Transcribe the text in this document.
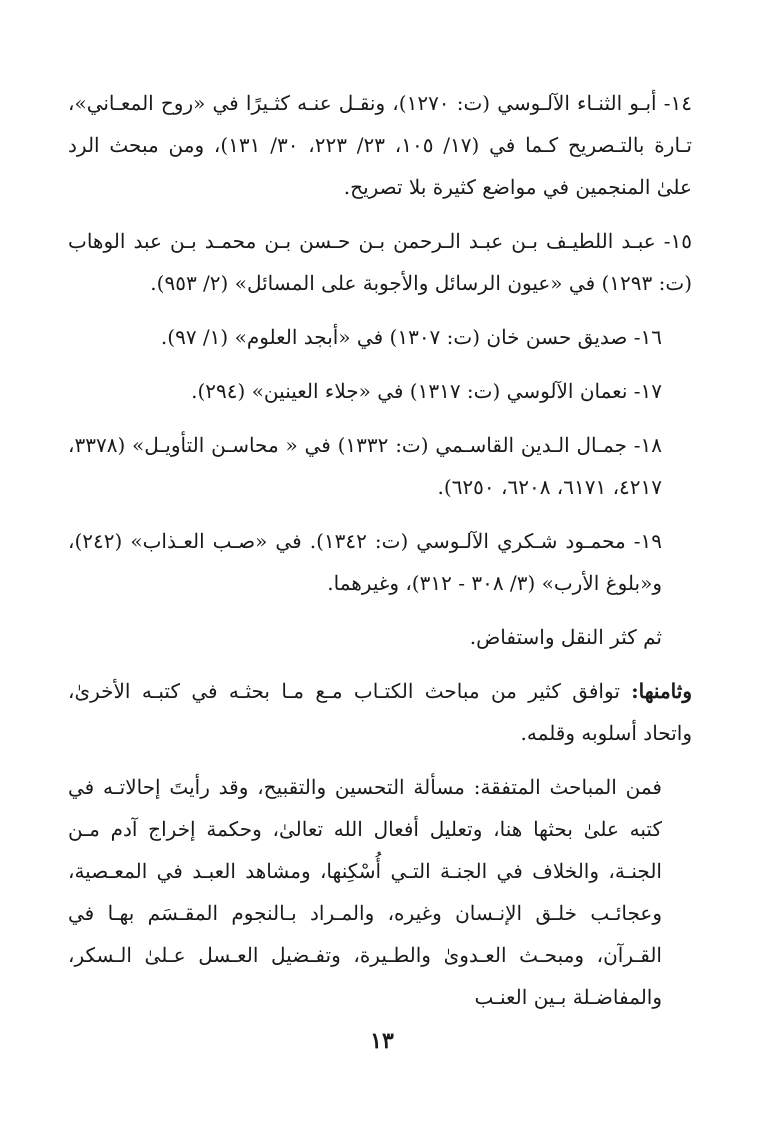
١٤- أبـو الثنـاء الآلـوسي (ت: ١٢٧٠)، ونقـل عنـه كثـيرًا في «روح المعـاني»، تـارة بالتـصريح كـما في (١٧/ ١٠٥، ٢٣/ ٢٢٣، ٣٠/ ١٣١)، ومن مبحث الرد علىٰ المنجمين في مواضع كثيرة بلا تصريح.

١٥- عبـد اللطيـف بـن عبـد الـرحمن بـن حـسن بـن محمـد بـن عبد الوهاب (ت: ١٢٩٣) في «عيون الرسائل والأجوبة على المسائل» (٢/ ٩٥٣).

١٦- صديق حسن خان (ت: ١٣٠٧) في «أبجد العلوم» (١/ ٩٧).

١٧- نعمان الآلوسي (ت: ١٣١٧) في «جلاء العينين» (٢٩٤).

١٨- جمـال الـدين القاسـمي (ت: ١٣٣٢) في « محاسـن التأويـل» (٣٣٧٨، ٤٢١٧، ٦١٧١، ٦٢٠٨، ٦٢٥٠).

١٩- محمـود شـكري الآلـوسي (ت: ١٣٤٢). في «صـب العـذاب» (٢٤٢)، و«بلوغ الأرب» (٣/ ٣٠٨ - ٣١٢)، وغيرهما.

ثم كثر النقل واستفاض.

وثامنها: توافق كثير من مباحث الكتـاب مـع مـا بحثـه في كتبـه الأخرىٰ، واتحاد أسلوبه وقلمه.

فمن المباحث المتفقة: مسألة التحسين والتقبيح، وقد رأيتَ إحالاتـه في كتبه علىٰ بحثها هنا، وتعليل أفعال الله تعالىٰ، وحكمة إخراج آدم مـن الجنـة، والخلاف في الجنـة التـي أُسْكِنها، ومشاهد العبـد في المعـصية، وعجائـب خلـق الإنـسان وغيره، والمـراد بـالنجوم المقـسَم بهـا في القـرآن، ومبحـث العـدوىٰ والطـيرة، وتفـضيل العـسل عـلىٰ الـسكر، والمفاضـلة بـين العنـب

١٣
